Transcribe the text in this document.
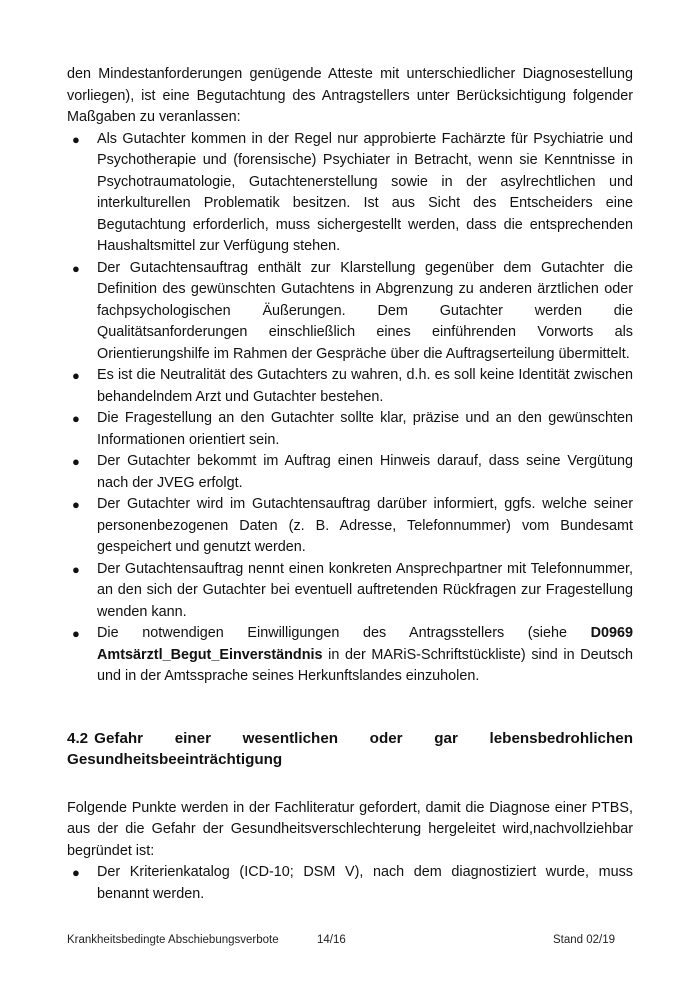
den Mindestanforderungen genügende Atteste mit unterschiedlicher Diagnosestellung vorliegen), ist eine Begutachtung des Antragstellers unter Berücksichtigung folgender Maßgaben zu veranlassen:

● Als Gutachter kommen in der Regel nur approbierte Fachärzte für Psychiatrie und Psychotherapie und (forensische) Psychiater in Betracht, wenn sie Kenntnisse in Psychotraumatologie, Gutachtenerstellung sowie in der asylrechtlichen und interkulturellen Problematik besitzen. Ist aus Sicht des Entscheiders eine Begutachtung erforderlich, muss sichergestellt werden, dass die entsprechenden Haushaltsmittel zur Verfügung stehen.
● Der Gutachtensauftrag enthält zur Klarstellung gegenüber dem Gutachter die Definition des gewünschten Gutachtens in Abgrenzung zu anderen ärztlichen oder fachpsychologischen Äußerungen. Dem Gutachter werden die Qualitätsanforderungen einschließlich eines einführenden Vorworts als Orientierungshilfe im Rahmen der Gespräche über die Auftragserteilung übermittelt.
● Es ist die Neutralität des Gutachters zu wahren, d.h. es soll keine Identität zwischen behandelndem Arzt und Gutachter bestehen.
● Die Fragestellung an den Gutachter sollte klar, präzise und an den gewünschten Informationen orientiert sein.
● Der Gutachter bekommt im Auftrag einen Hinweis darauf, dass seine Vergütung nach der JVEG erfolgt.
● Der Gutachter wird im Gutachtensauftrag darüber informiert, ggfs. welche seiner personenbezogenen Daten (z. B. Adresse, Telefonnummer) vom Bundesamt gespeichert und genutzt werden.
● Der Gutachtensauftrag nennt einen konkreten Ansprechpartner mit Telefonnummer, an den sich der Gutachter bei eventuell auftretenden Rückfragen zur Fragestellung wenden kann.
● Die notwendigen Einwilligungen des Antragsstellers (siehe D0969 Amtsärztl_Begut_Einverständnis in der MARiS-Schriftstückliste) sind in Deutsch und in der Amtssprache seines Herkunftslandes einzuholen.
4.2 Gefahr einer wesentlichen oder gar lebensbedrohlichen Gesundheitsbeeinträchtigung

Folgende Punkte werden in der Fachliteratur gefordert, damit die Diagnose einer PTBS, aus der die Gefahr der Gesundheitsverschlechterung hergeleitet wird,nachvollziehbar begründet ist:

● Der Kriterienkatalog (ICD-10; DSM V), nach dem diagnostiziert wurde, muss benannt werden.
Krankheitsbedingte Abschiebungsverbote	14/16	Stand 02/19
